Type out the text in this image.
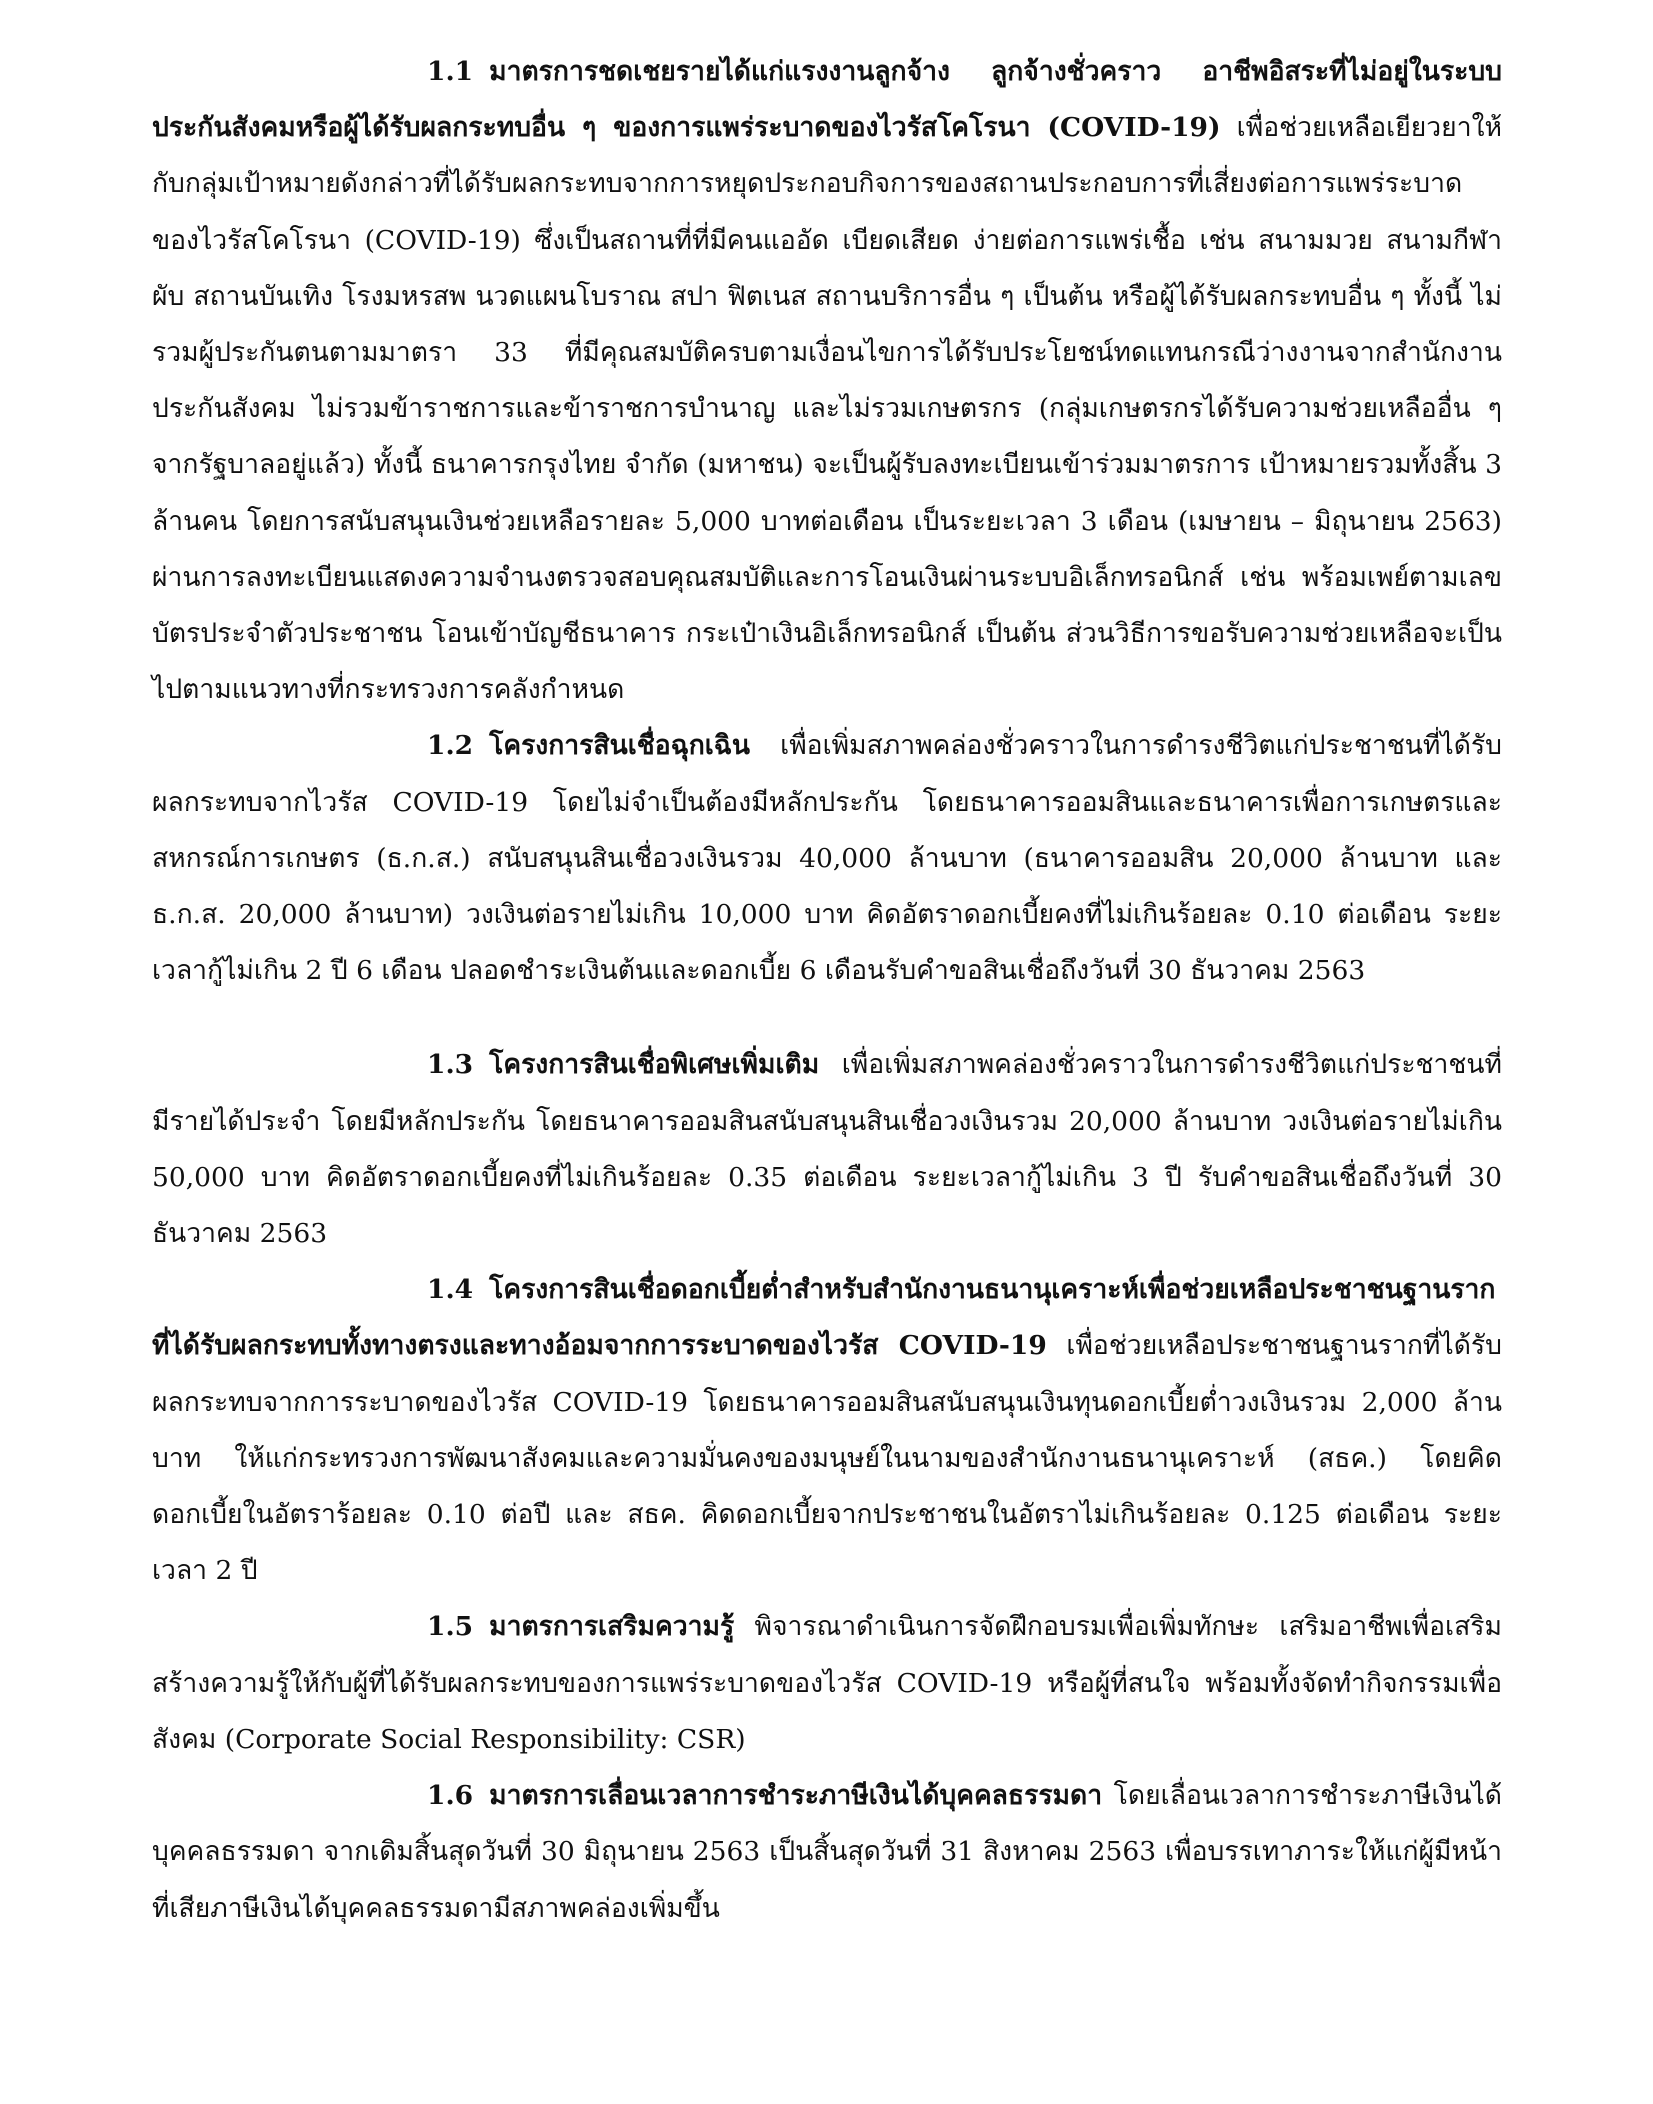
1.1 มาตรการชดเชยรายได้แก่แรงงานลูกจ้าง ลูกจ้างชั่วคราว อาชีพอิสระที่ไม่อยู่ในระบบประกันสังคมหรือผู้ได้รับผลกระทบอื่น ๆ ของการแพร่ระบาดของไวรัสโคโรนา (COVID-19) เพื่อช่วยเหลือเยียวยาให้กับกลุ่มเป้าหมายดังกล่าวที่ได้รับผลกระทบจากการหยุดประกอบกิจการของสถานประกอบการที่เสี่ยงต่อการแพร่ระบาดของไวรัสโคโรนา (COVID-19) ซึ่งเป็นสถานที่ที่มีคนแออัด เบียดเสียด ง่ายต่อการแพร่เชื้อ เช่น สนามมวย สนามกีฬา ผับ สถานบันเทิง โรงมหรสพ นวดแผนโบราณ สปา ฟิตเนส สถานบริการอื่น ๆ เป็นต้น หรือผู้ได้รับผลกระทบอื่น ๆ ทั้งนี้ ไม่รวมผู้ประกันตนตามมาตรา 33 ที่มีคุณสมบัติครบตามเงื่อนไขการได้รับประโยชน์ทดแทนกรณีว่างงานจากสำนักงานประกันสังคม ไม่รวมข้าราชการและข้าราชการบำนาญ และไม่รวมเกษตรกร (กลุ่มเกษตรกรได้รับความช่วยเหลืออื่น ๆ จากรัฐบาลอยู่แล้ว) ทั้งนี้ ธนาคารกรุงไทย จำกัด (มหาชน) จะเป็นผู้รับลงทะเบียนเข้าร่วมมาตรการ เป้าหมายรวมทั้งสิ้น 3 ล้านคน โดยการสนับสนุนเงินช่วยเหลือรายละ 5,000 บาทต่อเดือน เป็นระยะเวลา 3 เดือน (เมษายน – มิถุนายน 2563) ผ่านการลงทะเบียนแสดงความจำนงตรวจสอบคุณสมบัติและการโอนเงินผ่านระบบอิเล็กทรอนิกส์ เช่น พร้อมเพย์ตามเลขบัตรประจำตัวประชาชน โอนเข้าบัญชีธนาคาร กระเป๋าเงินอิเล็กทรอนิกส์ เป็นต้น ส่วนวิธีการขอรับความช่วยเหลือจะเป็นไปตามแนวทางที่กระทรวงการคลังกำหนด

1.2 โครงการสินเชื่อฉุกเฉิน เพื่อเพิ่มสภาพคล่องชั่วคราวในการดำรงชีวิตแก่ประชาชนที่ได้รับผลกระทบจากไวรัส COVID-19 โดยไม่จำเป็นต้องมีหลักประกัน โดยธนาคารออมสินและธนาคารเพื่อการเกษตรและสหกรณ์การเกษตร (ธ.ก.ส.) สนับสนุนสินเชื่อวงเงินรวม 40,000 ล้านบาท (ธนาคารออมสิน 20,000 ล้านบาท และ ธ.ก.ส. 20,000 ล้านบาท) วงเงินต่อรายไม่เกิน 10,000 บาท คิดอัตราดอกเบี้ยคงที่ไม่เกินร้อยละ 0.10 ต่อเดือน ระยะเวลากู้ไม่เกิน 2 ปี 6 เดือน ปลอดชำระเงินต้นและดอกเบี้ย 6 เดือนรับคำขอสินเชื่อถึงวันที่ 30 ธันวาคม 2563

1.3 โครงการสินเชื่อพิเศษเพิ่มเติม เพื่อเพิ่มสภาพคล่องชั่วคราวในการดำรงชีวิตแก่ประชาชนที่มีรายได้ประจำ โดยมีหลักประกัน โดยธนาคารออมสินสนับสนุนสินเชื่อวงเงินรวม 20,000 ล้านบาท วงเงินต่อรายไม่เกิน 50,000 บาท คิดอัตราดอกเบี้ยคงที่ไม่เกินร้อยละ 0.35 ต่อเดือน ระยะเวลากู้ไม่เกิน 3 ปี รับคำขอสินเชื่อถึงวันที่ 30 ธันวาคม 2563

1.4 โครงการสินเชื่อดอกเบี้ยต่ำสำหรับสำนักงานธนานุเคราะห์เพื่อช่วยเหลือประชาชนฐานรากที่ได้รับผลกระทบทั้งทางตรงและทางอ้อมจากการระบาดของไวรัส COVID-19 เพื่อช่วยเหลือประชาชนฐานรากที่ได้รับผลกระทบจากการระบาดของไวรัส COVID-19 โดยธนาคารออมสินสนับสนุนเงินทุนดอกเบี้ยต่ำวงเงินรวม 2,000 ล้านบาท ให้แก่กระทรวงการพัฒนาสังคมและความมั่นคงของมนุษย์ในนามของสำนักงานธนานุเคราะห์ (สธค.) โดยคิดดอกเบี้ยในอัตราร้อยละ 0.10 ต่อปี และ สธค. คิดดอกเบี้ยจากประชาชนในอัตราไม่เกินร้อยละ 0.125 ต่อเดือน ระยะเวลา 2 ปี

1.5 มาตรการเสริมความรู้ พิจารณาดำเนินการจัดฝึกอบรมเพื่อเพิ่มทักษะ เสริมอาชีพเพื่อเสริมสร้างความรู้ให้กับผู้ที่ได้รับผลกระทบของการแพร่ระบาดของไวรัส COVID-19 หรือผู้ที่สนใจ พร้อมทั้งจัดทำกิจกรรมเพื่อสังคม (Corporate Social Responsibility: CSR)

1.6 มาตรการเลื่อนเวลาการชำระภาษีเงินได้บุคคลธรรมดา โดยเลื่อนเวลาการชำระภาษีเงินได้บุคคลธรรมดา จากเดิมสิ้นสุดวันที่ 30 มิถุนายน 2563 เป็นสิ้นสุดวันที่ 31 สิงหาคม 2563 เพื่อบรรเทาภาระให้แก่ผู้มีหน้าที่เสียภาษีเงินได้บุคคลธรรมดามีสภาพคล่องเพิ่มขึ้น
